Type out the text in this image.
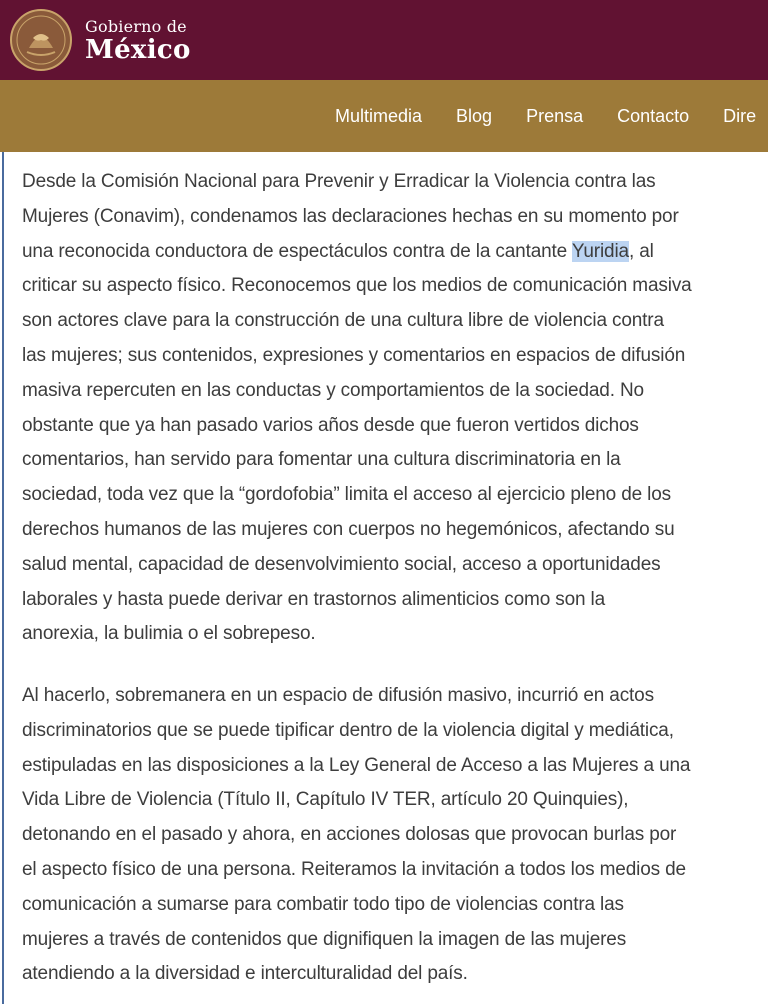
Gobierno de
México
Multimedia Blog Prensa Contacto Dire

Desde la Comisión Nacional para Prevenir y Erradicar la Violencia contra las
Mujeres (Conavim), condenamos las declaraciones hechas en su momento por
una reconocida conductora de espectáculos contra de la cantante Yuridia, al
criticar su aspecto físico. Reconocemos que los medios de comunicación masiva
son actores clave para la construcción de una cultura libre de violencia contra
las mujeres; sus contenidos, expresiones y comentarios en espacios de difusión
masiva repercuten en las conductas y comportamientos de la sociedad. No
obstante que ya han pasado varios años desde que fueron vertidos dichos
comentarios, han servido para fomentar una cultura discriminatoria en la
sociedad, toda vez que la “gordofobia” limita el acceso al ejercicio pleno de los
derechos humanos de las mujeres con cuerpos no hegemónicos, afectando su
salud mental, capacidad de desenvolvimiento social, acceso a oportunidades
laborales y hasta puede derivar en trastornos alimenticios como son la
anorexia, la bulimia o el sobrepeso.

Al hacerlo, sobremanera en un espacio de difusión masivo, incurrió en actos
discriminatorios que se puede tipificar dentro de la violencia digital y mediática,
estipuladas en las disposiciones a la Ley General de Acceso a las Mujeres a una
Vida Libre de Violencia (Título II, Capítulo IV TER, artículo 20 Quinquies),
detonando en el pasado y ahora, en acciones dolosas que provocan burlas por
el aspecto físico de una persona. Reiteramos la invitación a todos los medios de
comunicación a sumarse para combatir todo tipo de violencias contra las
mujeres a través de contenidos que dignifiquen la imagen de las mujeres
atendiendo a la diversidad e interculturalidad del país.
